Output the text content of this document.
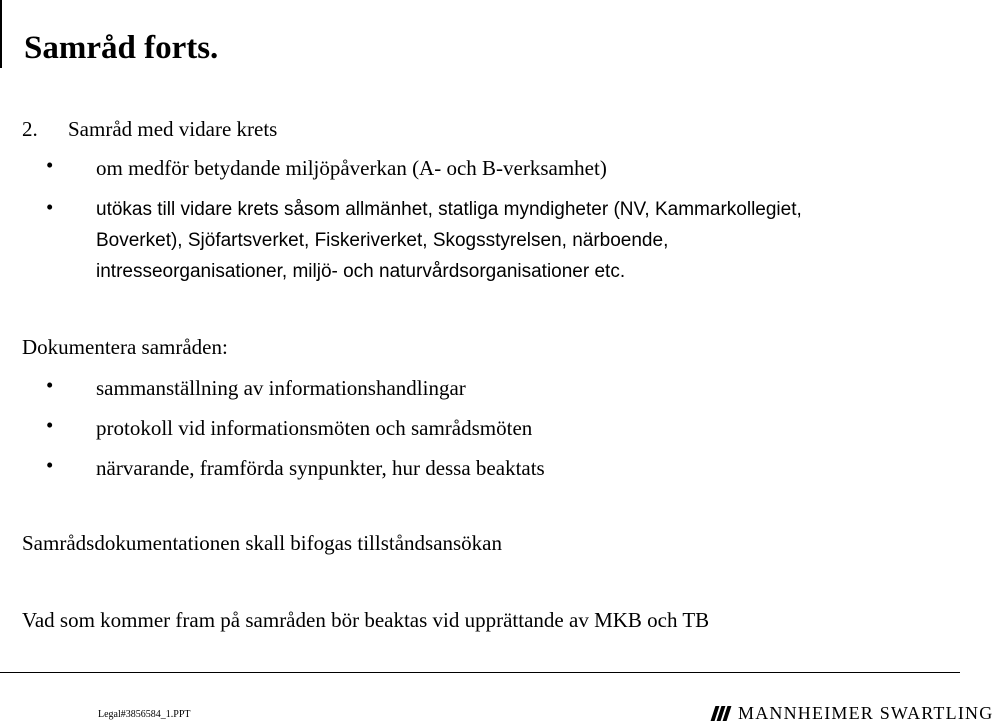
Samråd forts.
2. Samråd med vidare krets
• om medför betydande miljöpåverkan (A- och B-verksamhet)
• utökas till vidare krets såsom allmänhet, statliga myndigheter (NV, Kammarkollegiet,
Boverket), Sjöfartsverket, Fiskeriverket, Skogsstyrelsen, närboende,
intresseorganisationer, miljö- och naturvårdsorganisationer etc.
Dokumentera samråden:
• sammanställning av informationshandlingar
• protokoll vid informationsmöten och samrådsmöten
• närvarande, framförda synpunkter, hur dessa beaktats
Samrådsdokumentationen skall bifogas tillståndsansökan
Vad som kommer fram på samråden bör beaktas vid upprättande av MKB och TB
Legal#3856584_1.PPT	MANNHEIMER SWARTLING
